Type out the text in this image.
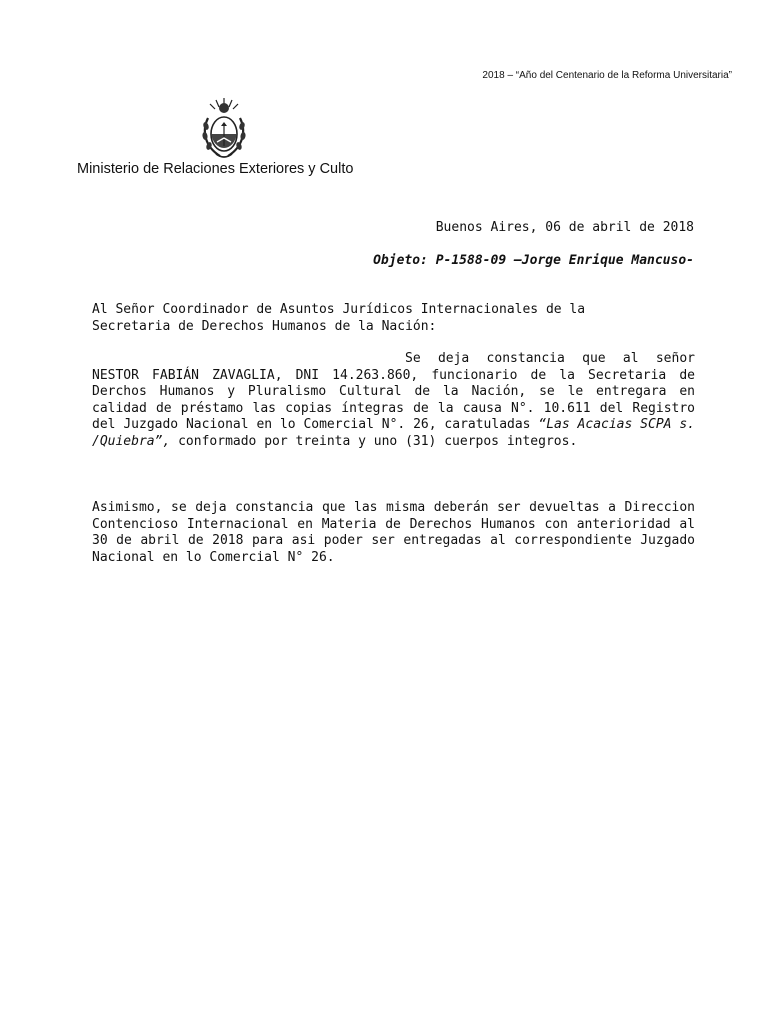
2018 – “Año del Centenario de la Reforma Universitaria”
Ministerio de Relaciones Exteriores y Culto
Buenos Aires, 06 de abril de 2018
Objeto: P-1588-09 –Jorge Enrique Mancuso-
Al Señor Coordinador de Asuntos Jurídicos Internacionales de la
Secretaria de Derechos Humanos de la Nación:
Se deja constancia que al señor NESTOR FABIÁN ZAVAGLIA, DNI 14.263.860, funcionario de la Secretaria de Derchos Humanos y Pluralismo Cultural de la Nación, se le entregara en calidad de préstamo las copias íntegras de la causa N°. 10.611 del Registro del Juzgado Nacional en lo Comercial N°. 26, caratuladas “Las Acacias SCPA s. /Quiebra”, conformado por treinta y uno (31) cuerpos integros.
Asimismo, se deja constancia que las misma deberán ser devueltas a Direccion Contencioso Internacional en Materia de Derechos Humanos con anterioridad al 30 de abril de 2018 para asi poder ser entregadas al correspondiente Juzgado Nacional en lo Comercial N° 26.
